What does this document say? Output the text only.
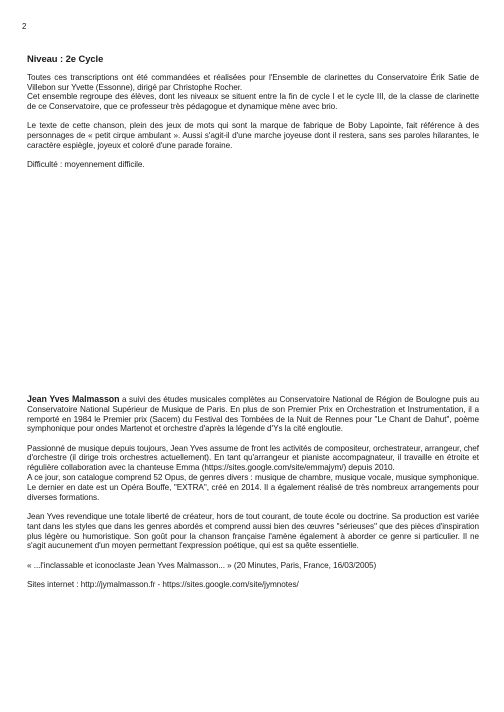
2
Niveau : 2e Cycle

Toutes ces transcriptions ont été commandées et réalisées pour l'Ensemble de clarinettes du Conservatoire Érik Satie de Villebon sur Yvette (Essonne), dirigé par Christophe Rocher.

Cet ensemble regroupe des élèves, dont les niveaux se situent entre la fin de cycle I et le cycle III, de la classe de clarinette de ce Conservatoire, que ce professeur très pédagogue et dynamique mène avec brio.

Le texte de cette chanson, plein des jeux de mots qui sont la marque de fabrique de Boby Lapointe, fait référence à des personnages de « petit cirque ambulant ». Aussi s'agit-il d'une marche joyeuse dont il restera, sans ses paroles hilarantes, le caractère espiègle, joyeux et coloré d'une parade foraine.

Difficulté : moyennement difficile.

Jean Yves Malmasson a suivi des études musicales complètes au Conservatoire National de Région de Boulogne puis au Conservatoire National Supérieur de Musique de Paris. En plus de son Premier Prix en Orchestration et Instrumentation, il a remporté en 1984 le Premier prix (Sacem) du Festival des Tombées de la Nuit de Rennes pour "Le Chant de Dahut", poème symphonique pour ondes Martenot et orchestre d'après la légende d'Ys la cité engloutie.

Passionné de musique depuis toujours, Jean Yves assume de front les activités de compositeur, orchestrateur, arrangeur, chef d'orchestre (il dirige trois orchestres actuellement). En tant qu'arrangeur et pianiste accompagnateur, il travaille en étroite et régulière collaboration avec la chanteuse Emma (https://sites.google.com/site/emmajym/) depuis 2010.

A ce jour, son catalogue comprend 52 Opus, de genres divers : musique de chambre, musique vocale, musique symphonique. Le dernier en date est un Opéra Bouffe, "EXTRA", créé en 2014. Il a également réalisé de très nombreux arrangements pour diverses formations.

Jean Yves revendique une totale liberté de créateur, hors de tout courant, de toute école ou doctrine. Sa production est variée tant dans les styles que dans les genres abordés et comprend aussi bien des œuvres "sérieuses" que des pièces d'inspiration plus légère ou humoristique. Son goût pour la chanson française l'amène également à aborder ce genre si particulier. Il ne s'agit aucunement d'un moyen permettant l'expression poétique, qui est sa quête essentielle.

« ...l'inclassable et iconoclaste Jean Yves Malmasson... » (20 Minutes, Paris, France, 16/03/2005)

Sites internet : http://jymalmasson.fr - https://sites.google.com/site/jymnotes/
